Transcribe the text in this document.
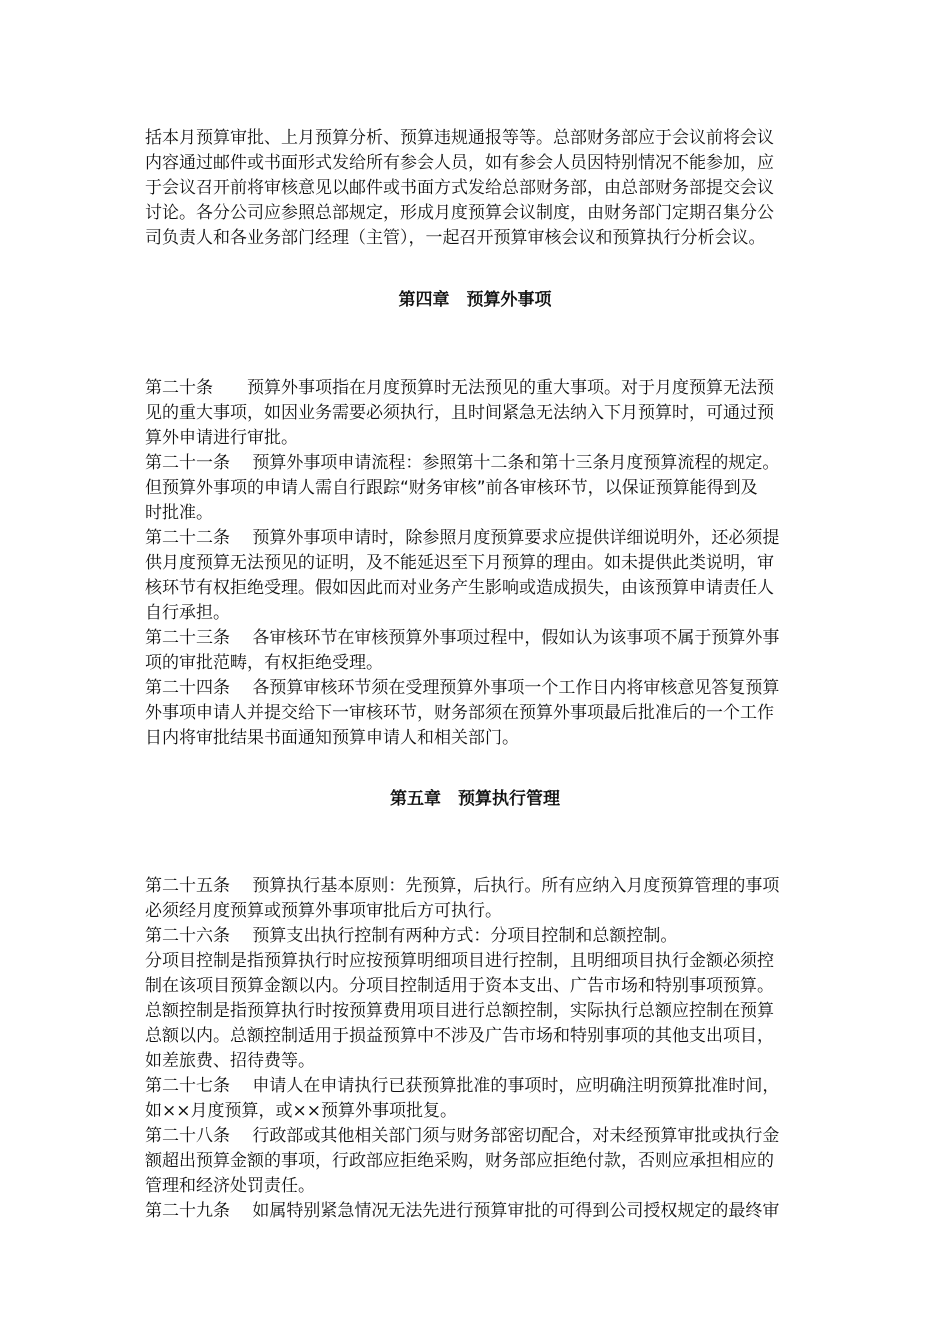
括本月预算审批、上月预算分析、预算违规通报等等。总部财务部应于会议前将会议

内容通过邮件或书面形式发给所有参会人员，如有参会人员因特别情况不能参加，应

于会议召开前将审核意见以邮件或书面方式发给总部财务部，由总部财务部提交会议

讨论。各分公司应参照总部规定，形成月度预算会议制度，由财务部门定期召集分公

司负责人和各业务部门经理（主管），一起召开预算审核会议和预算执行分析会议。

第四章　预算外事项

第二十条　　预算外事项指在月度预算时无法预见的重大事项。对于月度预算无法预

见的重大事项，如因业务需要必须执行，且时间紧急无法纳入下月预算时，可通过预

算外申请进行审批。

第二十一条　 预算外事项申请流程：参照第十二条和第十三条月度预算流程的规定。

但预算外事项的申请人需自行跟踪“财务审核”前各审核环节，以保证预算能得到及

时批准。

第二十二条　 预算外事项申请时，除参照月度预算要求应提供详细说明外，还必须提

供月度预算无法预见的证明，及不能延迟至下月预算的理由。如未提供此类说明，审

核环节有权拒绝受理。假如因此而对业务产生影响或造成损失，由该预算申请责任人

自行承担。

第二十三条　 各审核环节在审核预算外事项过程中，假如认为该事项不属于预算外事

项的审批范畴，有权拒绝受理。

第二十四条　 各预算审核环节须在受理预算外事项一个工作日内将审核意见答复预算

外事项申请人并提交给下一审核环节，财务部须在预算外事项最后批准后的一个工作

日内将审批结果书面通知预算申请人和相关部门。

第五章　预算执行管理

第二十五条　 预算执行基本原则：先预算，后执行。所有应纳入月度预算管理的事项

必须经月度预算或预算外事项审批后方可执行。

第二十六条　 预算支出执行控制有两种方式：分项目控制和总额控制。

分项目控制是指预算执行时应按预算明细项目进行控制，且明细项目执行金额必须控

制在该项目预算金额以内。分项目控制适用于资本支出、广告市场和特别事项预算。

总额控制是指预算执行时按预算费用项目进行总额控制，实际执行总额应控制在预算

总额以内。总额控制适用于损益预算中不涉及广告市场和特别事项的其他支出项目，

如差旅费、招待费等。

第二十七条　 申请人在申请执行已获预算批准的事项时，应明确注明预算批准时间，

如××月度预算，或××预算外事项批复。

第二十八条　 行政部或其他相关部门须与财务部密切配合，对未经预算审批或执行金

额超出预算金额的事项，行政部应拒绝采购，财务部应拒绝付款，否则应承担相应的

管理和经济处罚责任。

第二十九条　 如属特别紧急情况无法先进行预算审批的可得到公司授权规定的最终审
